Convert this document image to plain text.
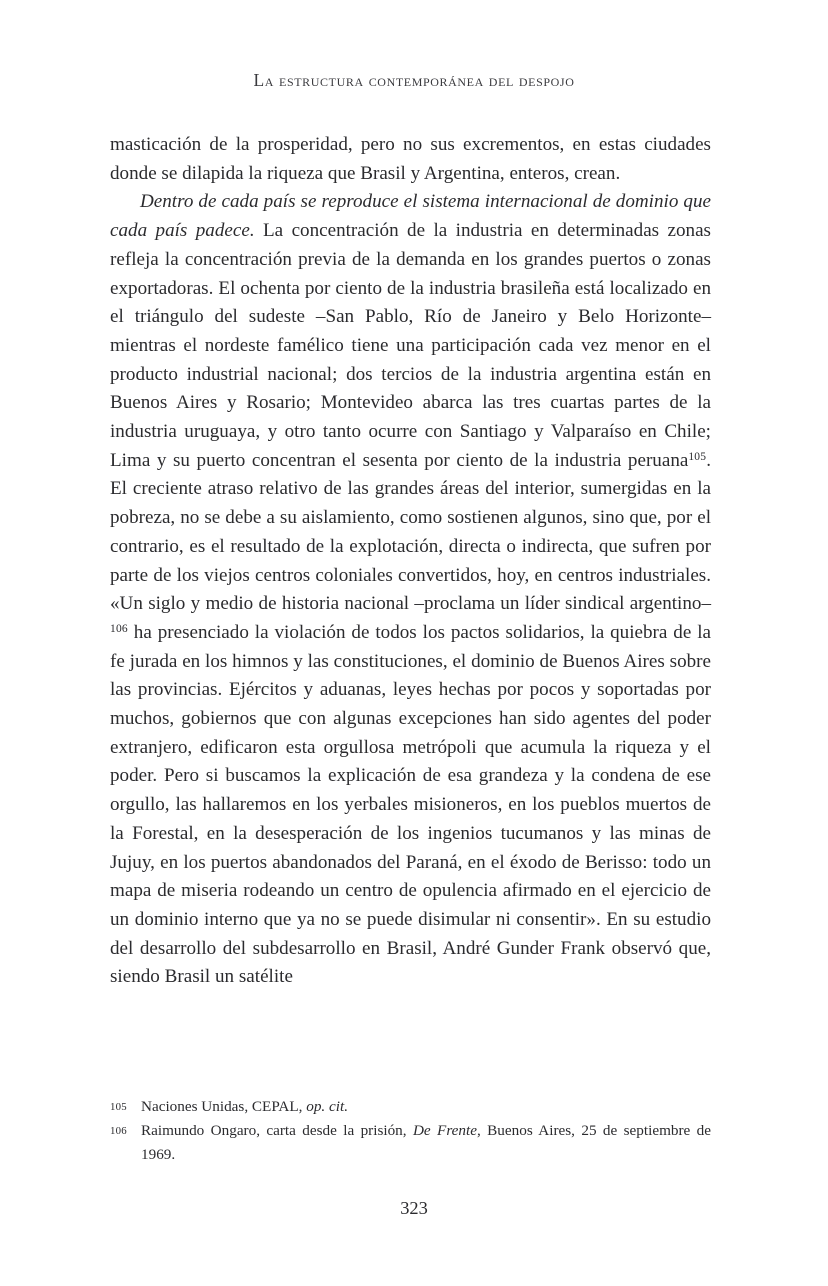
La estructura contemporánea del despojo

masticación de la prosperidad, pero no sus excrementos, en estas ciudades donde se dilapida la riqueza que Brasil y Argentina, enteros, crean.

Dentro de cada país se reproduce el sistema internacional de dominio que cada país padece. La concentración de la industria en determinadas zonas refleja la concentración previa de la demanda en los grandes puertos o zonas exportadoras. El ochenta por ciento de la industria brasileña está localizado en el triángulo del sudeste –San Pablo, Río de Janeiro y Belo Horizonte– mientras el nordeste famélico tiene una participación cada vez menor en el producto industrial nacional; dos tercios de la industria argentina están en Buenos Aires y Rosario; Montevideo abarca las tres cuartas partes de la industria uruguaya, y otro tanto ocurre con Santiago y Valparaíso en Chile; Lima y su puerto concentran el sesenta por ciento de la industria peruana$^{105}$. El creciente atraso relativo de las grandes áreas del interior, sumergidas en la pobreza, no se debe a su aislamiento, como sostienen algunos, sino que, por el contrario, es el resultado de la explotación, directa o indirecta, que sufren por parte de los viejos centros coloniales convertidos, hoy, en centros industriales. «Un siglo y medio de historia nacional –proclama un líder sindical argentino–$^{106}$ ha presenciado la violación de todos los pactos solidarios, la quiebra de la fe jurada en los himnos y las constituciones, el dominio de Buenos Aires sobre las provincias. Ejércitos y aduanas, leyes hechas por pocos y soportadas por muchos, gobiernos que con algunas excepciones han sido agentes del poder extranjero, edificaron esta orgullosa metrópoli que acumula la riqueza y el poder. Pero si buscamos la explicación de esa grandeza y la condena de ese orgullo, las hallaremos en los yerbales misioneros, en los pueblos muertos de la Forestal, en la desesperación de los ingenios tucumanos y las minas de Jujuy, en los puertos abandonados del Paraná, en el éxodo de Berisso: todo un mapa de miseria rodeando un centro de opulencia afirmado en el ejercicio de un dominio interno que ya no se puede disimular ni consentir». En su estudio del desarrollo del subdesarrollo en Brasil, André Gunder Frank observó que, siendo Brasil un satélite

105 Naciones Unidas, CEPAL, op. cit.
106 Raimundo Ongaro, carta desde la prisión, De Frente, Buenos Aires, 25 de septiembre de 1969.
323
